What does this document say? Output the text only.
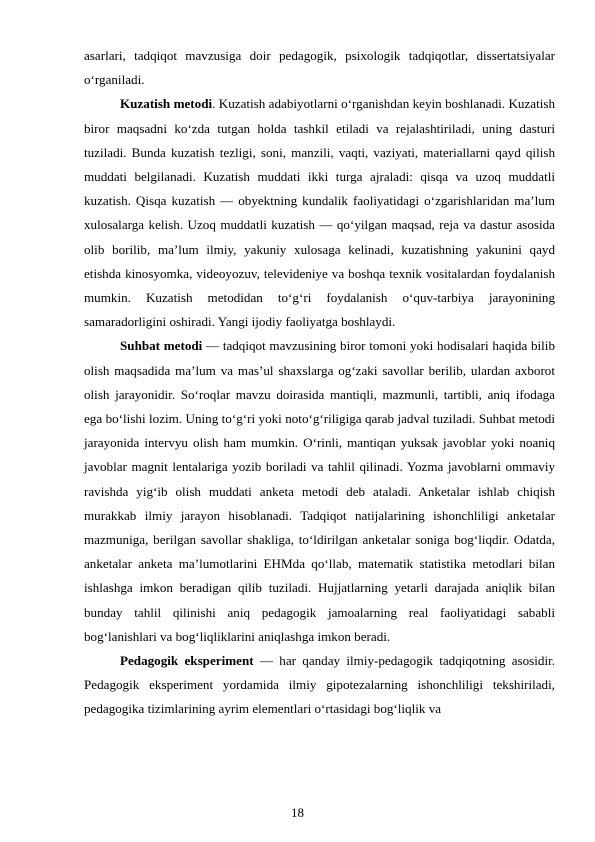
asarlari, tadqiqot mavzusiga doir pedagogik, psixologik tadqiqotlar, dissertatsiyalar o‘rganiladi.

Kuzatish metodi. Kuzatish adabiyotlarni o‘rganishdan keyin boshlanadi. Kuzatish biror maqsadni ko‘zda tutgan holda tashkil etiladi va rejalashtiriladi, uning dasturi tuziladi. Bunda kuzatish tezligi, soni, manzili, vaqti, vaziyati, materiallarni qayd qilish muddati belgilanadi. Kuzatish muddati ikki turga ajraladi: qisqa va uzoq muddatli kuzatish. Qisqa kuzatish — obyektning kundalik faoliyatidagi o‘zgarishlaridan ma’lum xulosalarga kelish. Uzoq muddatli kuzatish — qo‘yilgan maqsad, reja va dastur asosida olib borilib, ma’lum ilmiy, yakuniy xulosaga kelinadi, kuzatishning yakunini qayd etishda kinosyomka, videoyozuv, televideniye va boshqa texnik vositalardan foydalanish mumkin. Kuzatish metodidan to‘g‘ri foydalanish o‘quv-tarbiya jarayonining samaradorligini oshiradi. Yangi ijodiy faoliyatga boshlaydi.

Suhbat metodi — tadqiqot mavzusining biror tomoni yoki hodisalari haqida bilib olish maqsadida ma’lum va mas’ul shaxslarga og‘zaki savollar berilib, ulardan axborot olish jarayonidir. So‘roqlar mavzu doirasida mantiqli, mazmunli, tartibli, aniq ifodaga ega bo‘lishi lozim. Uning to‘g‘ri yoki noto‘g‘riligiga qarab jadval tuziladi. Suhbat metodi jarayonida intervyu olish ham mumkin. O‘rinli, mantiqan yuksak javoblar yoki noaniq javoblar magnit lentalariga yozib boriladi va tahlil qilinadi. Yozma javoblarni ommaviy ravishda yig‘ib olish muddati anketa metodi deb ataladi. Anketalar ishlab chiqish murakkab ilmiy jarayon hisoblanadi. Tadqiqot natijalarining ishonchliligi anketalar mazmuniga, berilgan savollar shakliga, to‘ldirilgan anketalar soniga bog‘liqdir. Odatda, anketalar anketa ma’lumotlarini EHMda qo‘llab, matematik statistika metodlari bilan ishlashga imkon beradigan qilib tuziladi. Hujjatlarning yetarli darajada aniqlik bilan bunday tahlil qilinishi aniq pedagogik jamoalarning real faoliyatidagi sababli bog‘lanishlari va bog‘liqliklarini aniqlashga imkon beradi.

Pedagogik eksperiment — har qanday ilmiy-pedagogik tadqiqotning asosidir. Pedagogik eksperiment yordamida ilmiy gipotezalarning ishonchliligi tekshiriladi, pedagogika tizimlarining ayrim elementlari o‘rtasidagi bog‘liqlik va

18
